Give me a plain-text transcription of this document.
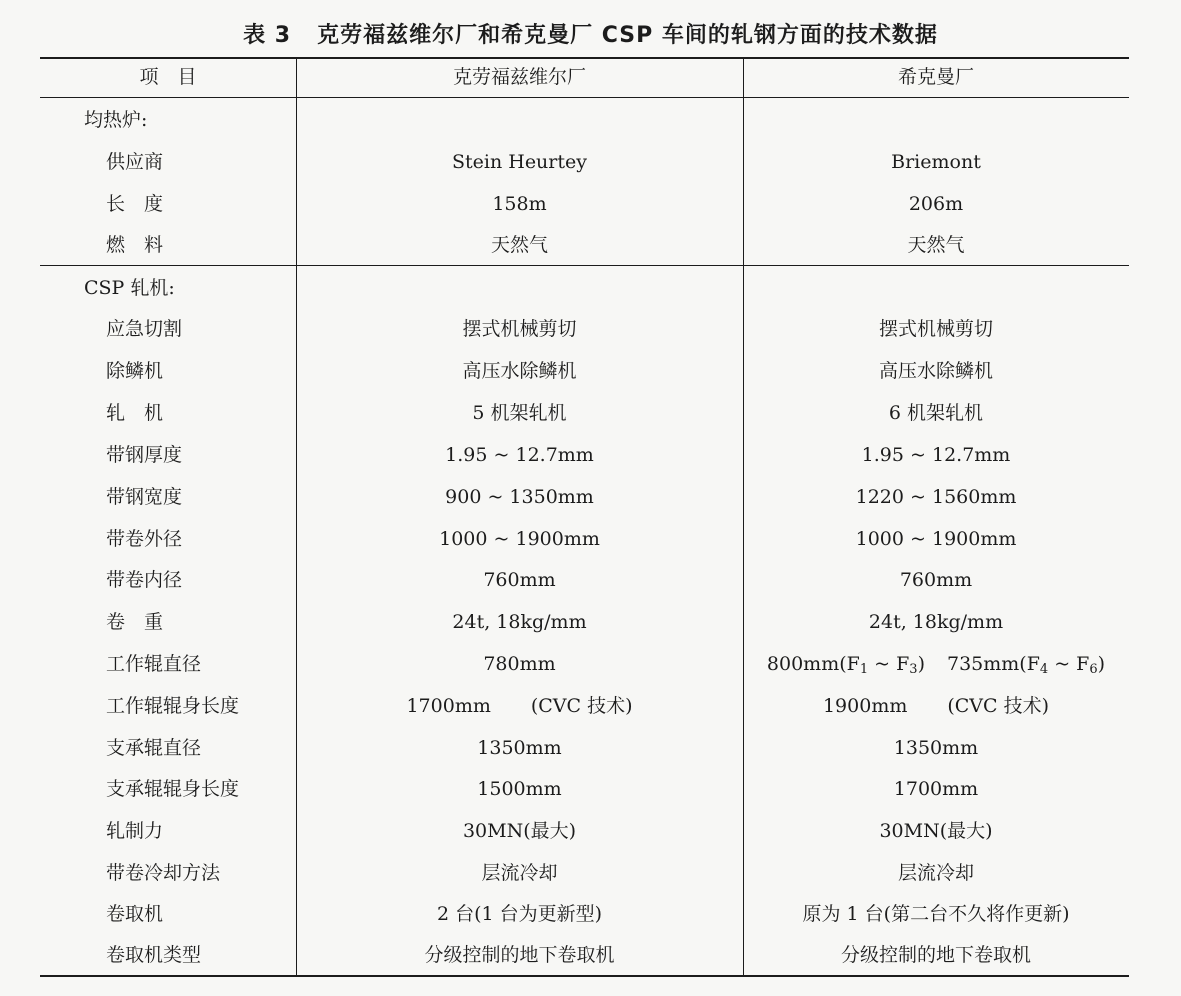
表 3 克劳福兹维尔厂和希克曼厂 CSP 车间的轧钢方面的技术数据
项　目	克劳福兹维尔厂	希克曼厂
均热炉:
供应商	Stein Heurtey	Briemont
长　度	158m	206m
燃　料	天然气	天然气
CSP 轧机:
应急切割	摆式机械剪切	摆式机械剪切
除鳞机	高压水除鳞机	高压水除鳞机
轧　机	5 机架轧机	6 机架轧机
带钢厚度	1.95 ~ 12.7mm	1.95 ~ 12.7mm
带钢宽度	900 ~ 1350mm	1220 ~ 1560mm
带卷外径	1000 ~ 1900mm	1000 ~ 1900mm
带卷内径	760mm	760mm
卷　重	24t, 18kg/mm	24t, 18kg/mm
工作辊直径	780mm	$800mm(F_1$ ~ $F_3$) $735mm(F_4$ ~ $F_6$)
工作辊辊身长度	1700mm (CVC 技术)	1900mm (CVC 技术)
支承辊直径	1350mm	1350mm
支承辊辊身长度	1500mm	1700mm
轧制力	30MN(最大)	30MN(最大)
带卷冷却方法	层流冷却	层流冷却
卷取机	2 台(1 台为更新型)	原为 1 台(第二台不久将作更新)
卷取机类型	分级控制的地下卷取机	分级控制的地下卷取机
